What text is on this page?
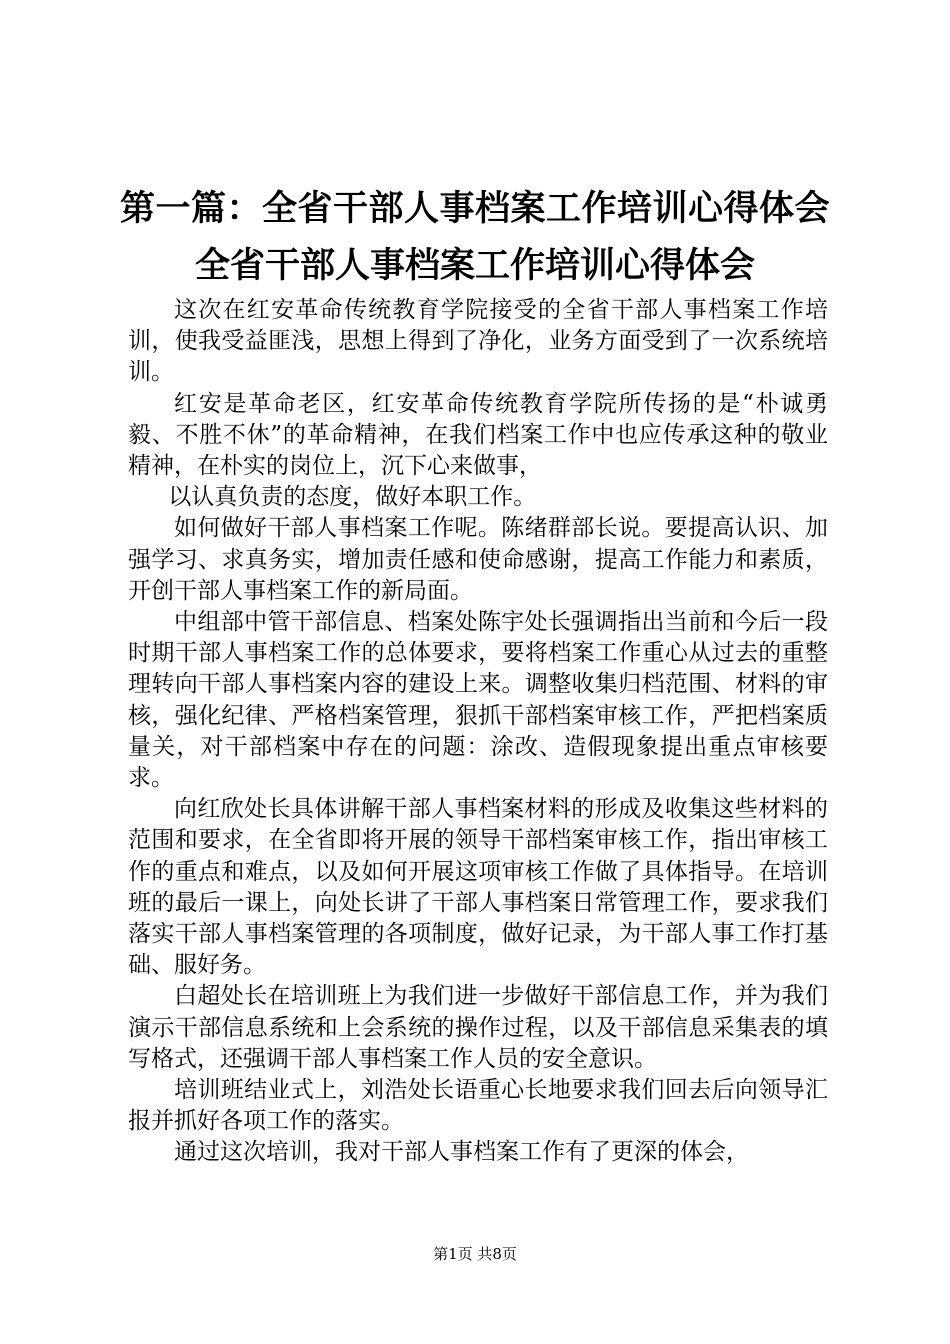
第一篇：全省干部人事档案工作培训心得体会
全省干部人事档案工作培训心得体会

这次在红安革命传统教育学院接受的全省干部人事档案工作培训，使我受益匪浅，思想上得到了净化，业务方面受到了一次系统培训。

红安是革命老区，红安革命传统教育学院所传扬的是“朴诚勇毅、不胜不休”的革命精神，在我们档案工作中也应传承这种的敬业精神，在朴实的岗位上，沉下心来做事，

以认真负责的态度，做好本职工作。

如何做好干部人事档案工作呢。陈绪群部长说。要提高认识、加强学习、求真务实，增加责任感和使命感谢，提高工作能力和素质，开创干部人事档案工作的新局面。

中组部中管干部信息、档案处陈宇处长强调指出当前和今后一段时期干部人事档案工作的总体要求，要将档案工作重心从过去的重整理转向干部人事档案内容的建设上来。调整收集归档范围、材料的审核，强化纪律、严格档案管理，狠抓干部档案审核工作，严把档案质量关，对干部档案中存在的问题：涂改、造假现象提出重点审核要求。

向红欣处长具体讲解干部人事档案材料的形成及收集这些材料的范围和要求，在全省即将开展的领导干部档案审核工作，指出审核工作的重点和难点，以及如何开展这项审核工作做了具体指导。在培训班的最后一课上，向处长讲了干部人事档案日常管理工作，要求我们落实干部人事档案管理的各项制度，做好记录，为干部人事工作打基础、服好务。

白超处长在培训班上为我们进一步做好干部信息工作，并为我们演示干部信息系统和上会系统的操作过程，以及干部信息采集表的填写格式，还强调干部人事档案工作人员的安全意识。

培训班结业式上，刘浩处长语重心长地要求我们回去后向领导汇报并抓好各项工作的落实。

通过这次培训，我对干部人事档案工作有了更深的体会，

第1页 共8页
